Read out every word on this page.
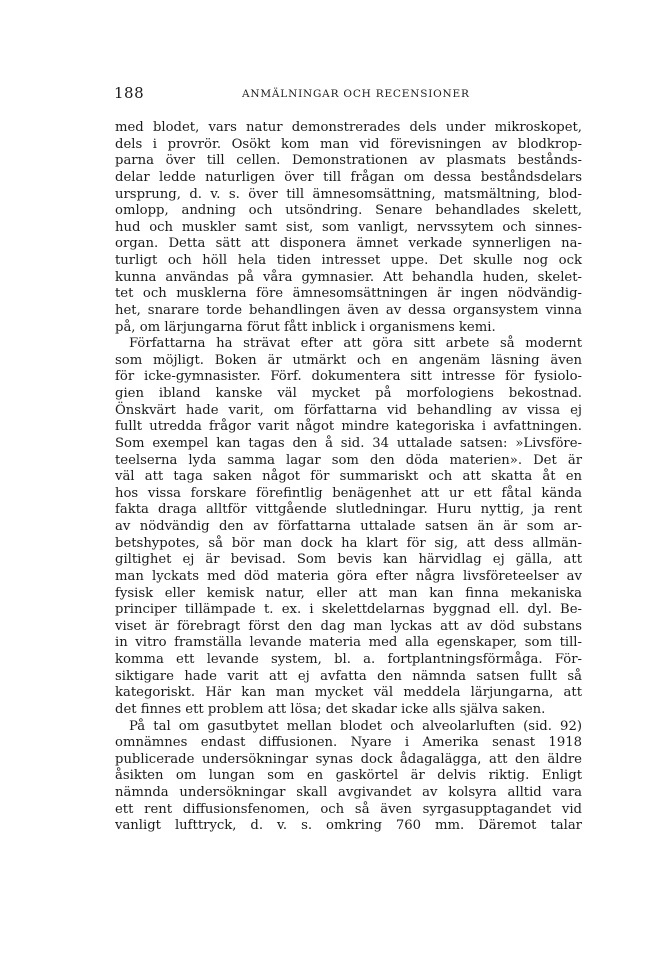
188	ANMÄLNINGAR OCH RECENSIONER
med blodet, vars natur demonstrerades dels under mikroskopet,
dels i provrör. Osökt kom man vid förevisningen av blodkrop-
parna över till cellen. Demonstrationen av plasmats bestånds-
delar ledde naturligen över till frågan om dessa beståndsdelars
ursprung, d. v. s. över till ämnesomsättning, matsmältning, blod-
omlopp, andning och utsöndring. Senare behandlades skelett,
hud och muskler samt sist, som vanligt, nervssytem och sinnes-
organ. Detta sätt att disponera ämnet verkade synnerligen na-
turligt och höll hela tiden intresset uppe. Det skulle nog ock
kunna användas på våra gymnasier. Att behandla huden, skelet-
tet och musklerna före ämnesomsättningen är ingen nödvändig-
het, snarare torde behandlingen även av dessa organsystem vinna
på, om lärjungarna förut fått inblick i organismens kemi.
Författarna ha strävat efter att göra sitt arbete så modernt
som möjligt. Boken är utmärkt och en angenäm läsning även
för icke-gymnasister. Förf. dokumentera sitt intresse för fysiolo-
gien ibland kanske väl mycket på morfologiens bekostnad.
Önskvärt hade varit, om författarna vid behandling av vissa ej
fullt utredda frågor varit något mindre kategoriska i avfattningen.
Som exempel kan tagas den å sid. 34 uttalade satsen: »Livsföre-
teelserna lyda samma lagar som den döda materien». Det är
väl att taga saken något för summariskt och att skatta åt en
hos vissa forskare förefintlig benägenhet att ur ett fåtal kända
fakta draga alltför vittgående slutledningar. Huru nyttig, ja rent
av nödvändig den av författarna uttalade satsen än är som ar-
betshypotes, så bör man dock ha klart för sig, att dess allmän-
giltighet ej är bevisad. Som bevis kan härvidlag ej gälla, att
man lyckats med död materia göra efter några livsföreteelser av
fysisk eller kemisk natur, eller att man kan finna mekaniska
principer tillämpade t. ex. i skelettdelarnas byggnad ell. dyl. Be-
viset är förebragt först den dag man lyckas att av död substans
in vitro framställa levande materia med alla egenskaper, som till-
komma ett levande system, bl. a. fortplantningsförmåga. För-
siktigare hade varit att ej avfatta den nämnda satsen fullt så
kategoriskt. Här kan man mycket väl meddela lärjungarna, att
det finnes ett problem att lösa; det skadar icke alls själva saken.
På tal om gasutbytet mellan blodet och alveolarluften (sid. 92)
omnämnes endast diffusionen. Nyare i Amerika senast 1918
publicerade undersökningar synas dock ådagalägga, att den äldre
åsikten om lungan som en gaskörtel är delvis riktig. Enligt
nämnda undersökningar skall avgivandet av kolsyra alltid vara
ett rent diffusionsfenomen, och så även syrgasupptagandet vid
vanligt lufttryck, d. v. s. omkring 760 mm. Däremot talar
